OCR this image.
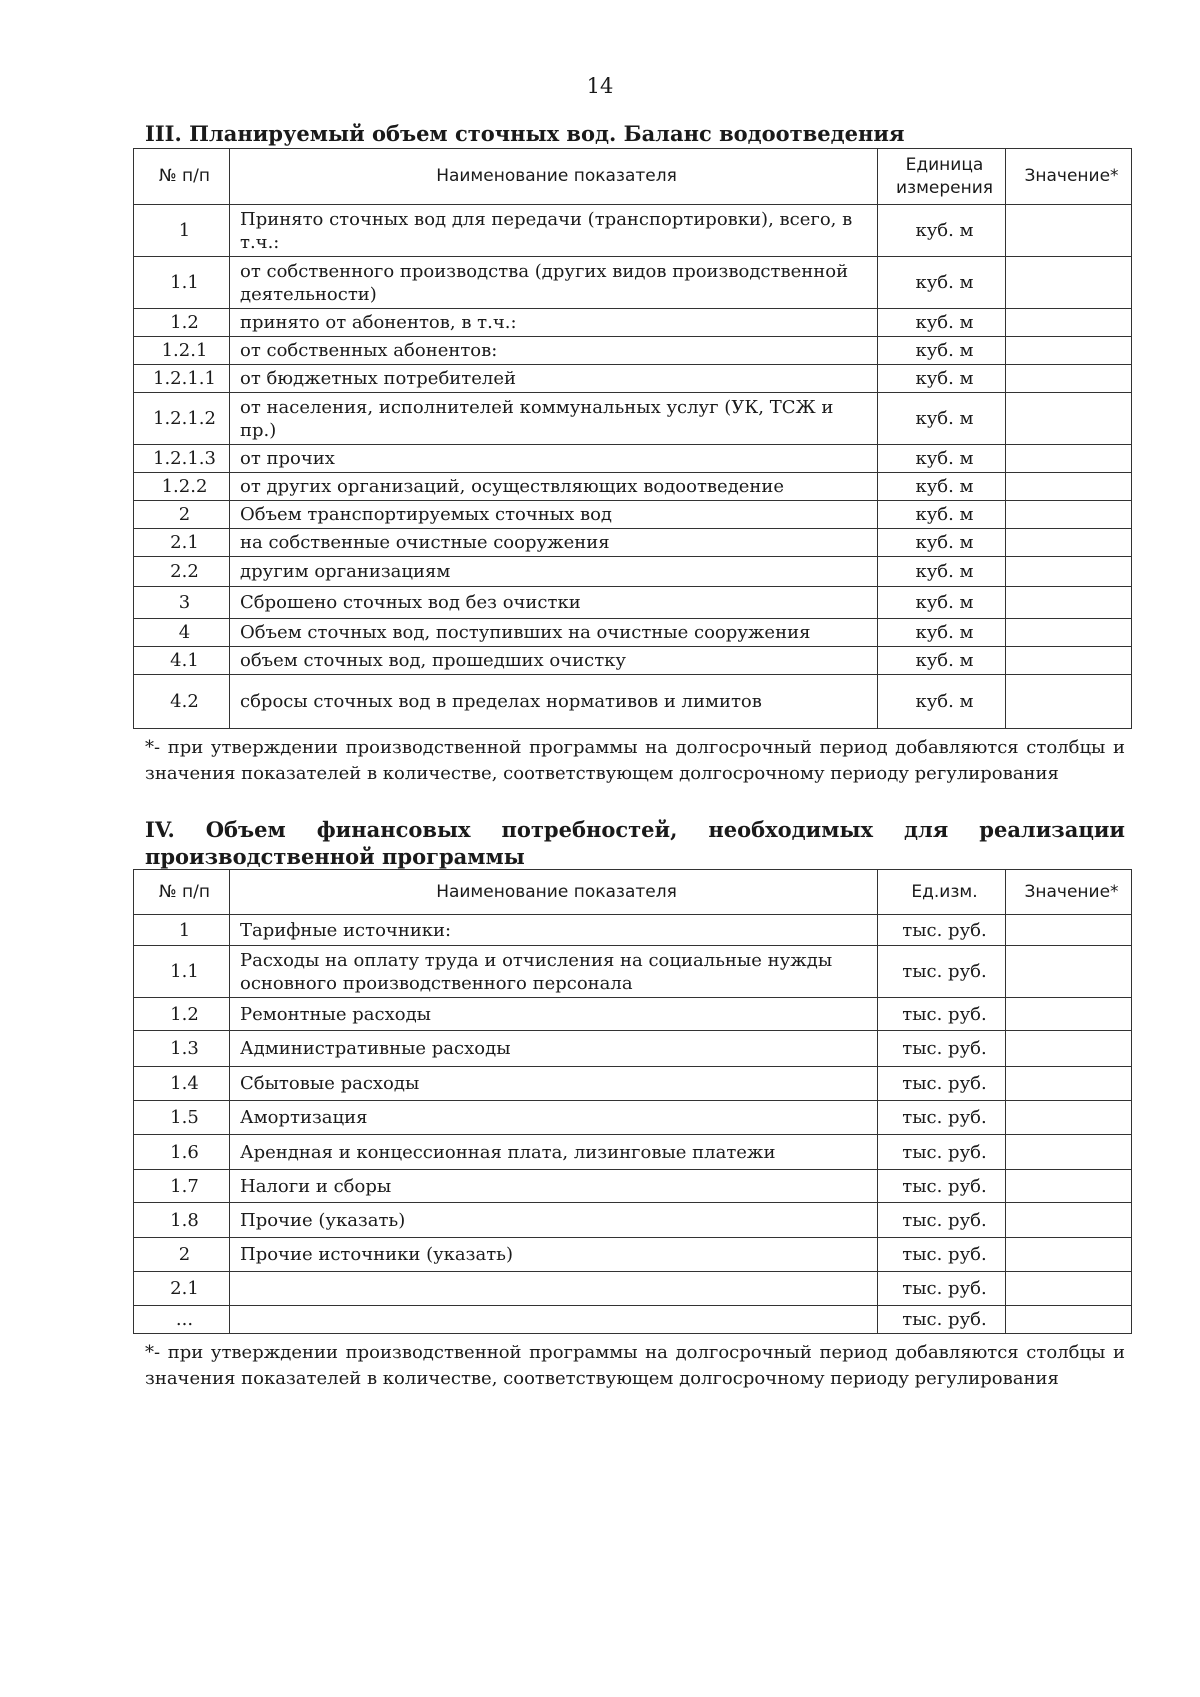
14
III. Планируемый объем сточных вод. Баланс водоотведения
№ п/п	Наименование показателя	Единица измерения	Значение*
1	Принято сточных вод для передачи (транспортировки), всего, в т.ч.:	куб. м	
1.1	от собственного производства (других видов производственной деятельности)	куб. м	
1.2	принято от абонентов, в т.ч.:	куб. м	
1.2.1	от собственных абонентов:	куб. м	
1.2.1.1	от бюджетных потребителей	куб. м	
1.2.1.2	от населения, исполнителей коммунальных услуг (УК, ТСЖ и пр.)	куб. м	
1.2.1.3	от прочих	куб. м	
1.2.2	от других организаций, осуществляющих водоотведение	куб. м	
2	Объем транспортируемых сточных вод	куб. м	
2.1	на собственные очистные сооружения	куб. м	
2.2	другим организациям	куб. м	
3	Сброшено сточных вод без очистки	куб. м	
4	Объем сточных вод, поступивших на очистные сооружения	куб. м	
4.1	объем сточных вод, прошедших очистку	куб. м	
4.2	сбросы сточных вод в пределах нормативов и лимитов	куб. м	
*- при утверждении производственной программы на долгосрочный период добавляются столбцы и значения показателей в количестве, соответствующем долгосрочному периоду регулирования
IV. Объем финансовых потребностей, необходимых для реализации производственной программы
№ п/п	Наименование показателя	Ед.изм.	Значение*
1	Тарифные источники:	тыс. руб.	
1.1	Расходы на оплату труда и отчисления на социальные нужды основного производственного персонала	тыс. руб.	
1.2	Ремонтные расходы	тыс. руб.	
1.3	Административные расходы	тыс. руб.	
1.4	Сбытовые расходы	тыс. руб.	
1.5	Амортизация	тыс. руб.	
1.6	Арендная и концессионная плата, лизинговые платежи	тыс. руб.	
1.7	Налоги и сборы	тыс. руб.	
1.8	Прочие (указать)	тыс. руб.	
2	Прочие источники (указать)	тыс. руб.	
2.1		тыс. руб.	
...		тыс. руб.	
*- при утверждении производственной программы на долгосрочный период добавляются столбцы и значения показателей в количестве, соответствующем долгосрочному периоду регулирования
